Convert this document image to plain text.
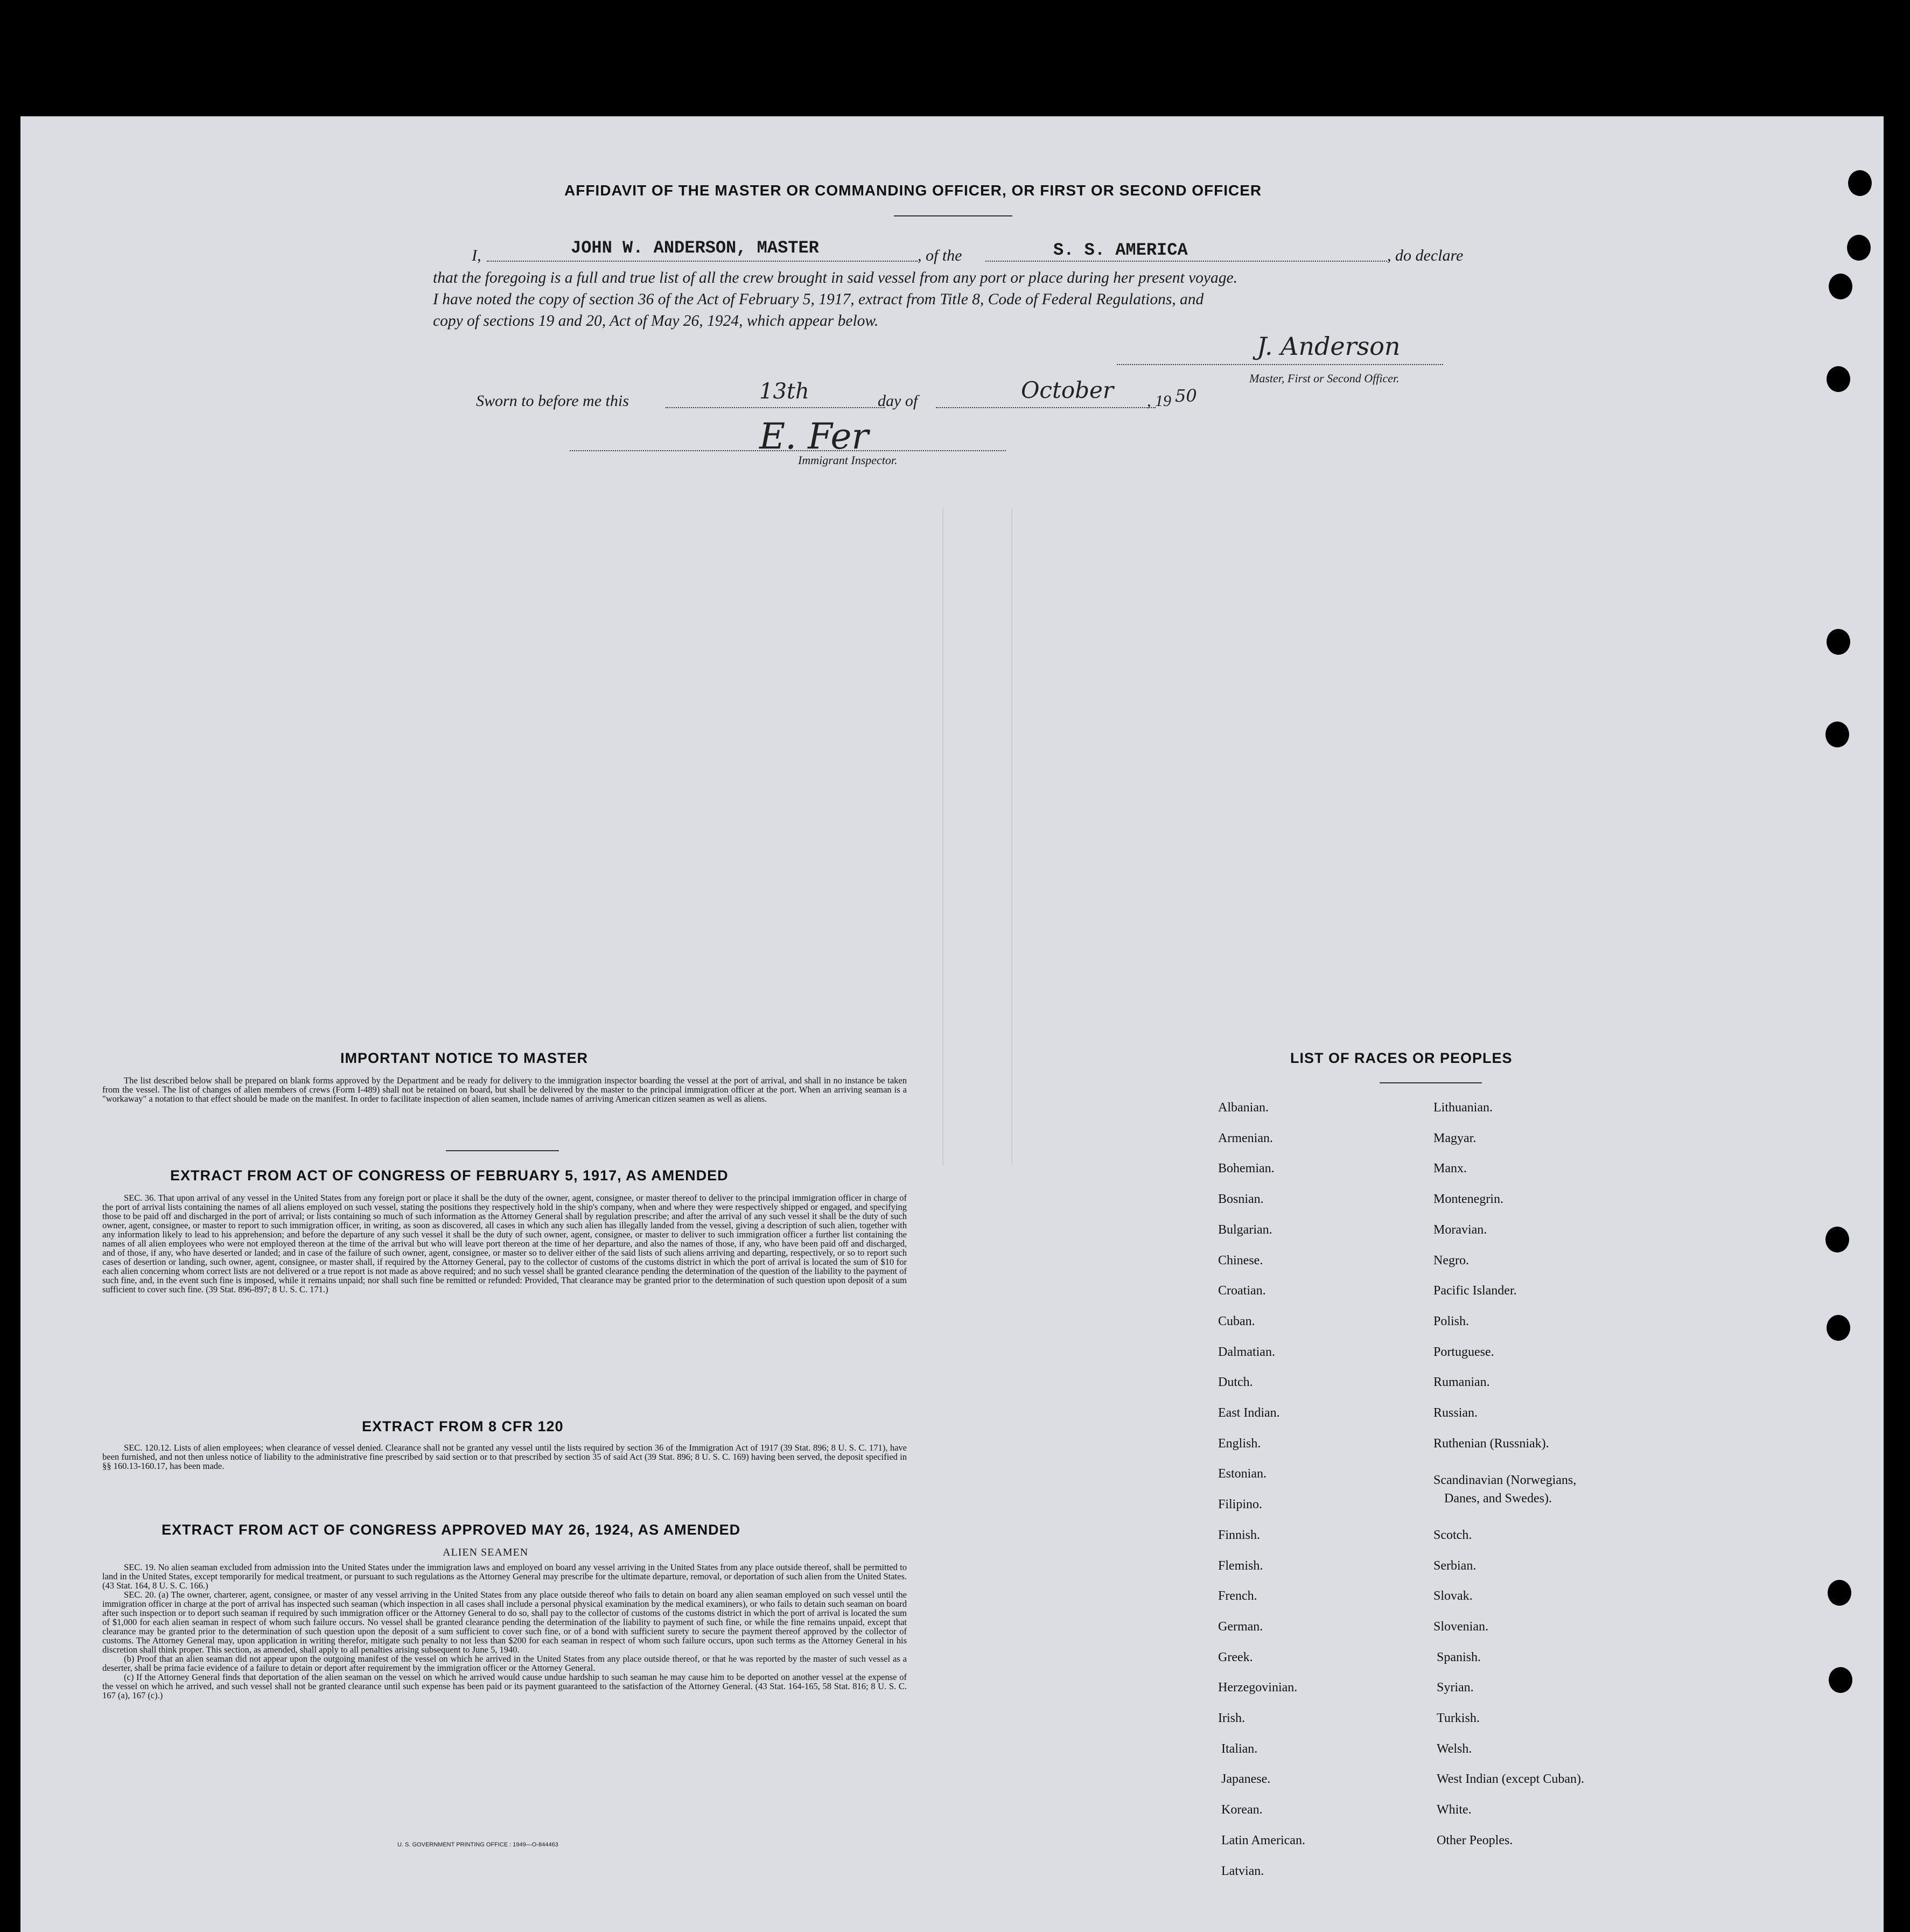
AFFIDAVIT OF THE MASTER OR COMMANDING OFFICER, OR FIRST OR SECOND OFFICER
I,	JOHN W. ANDERSON, MASTER	, of the	S. S. AMERICA	, do declare
that the foregoing is a full and true list of all the crew brought in said vessel from any port or place during her present voyage.
I have noted the copy of section 36 of the Act of February 5, 1917, extract from Title 8, Code of Federal Regulations, and
copy of sections 19 and 20, Act of May 26, 1924, which appear below.
J. Anderson
Master, First or Second Officer.
Sworn to before me this	13th	day of	October , 19 50
E. Fer
Immigrant Inspector.
IMPORTANT NOTICE TO MASTER

The list described below shall be prepared on blank forms approved by the Department and be ready for delivery to the immigration inspector boarding the vessel at the port of arrival, and shall in no instance be taken from the vessel. The list of changes of alien members of crews (Form I-489) shall not be retained on board, but shall be delivered by the master to the principal immigration officer at the port. When an arriving seaman is a "workaway" a notation to that effect should be made on the manifest. In order to facilitate inspection of alien seamen, include names of arriving American citizen seamen as well as aliens.

EXTRACT FROM ACT OF CONGRESS OF FEBRUARY 5, 1917, AS AMENDED

SEC. 36. That upon arrival of any vessel in the United States from any foreign port or place it shall be the duty of the owner, agent, consignee, or master thereof to deliver to the principal immigration officer in charge of the port of arrival lists containing the names of all aliens employed on such vessel, stating the positions they respectively hold in the ship's company, when and where they were respectively shipped or engaged, and specifying those to be paid off and discharged in the port of arrival; or lists containing so much of such information as the Attorney General shall by regulation prescribe; and after the arrival of any such vessel it shall be the duty of such owner, agent, consignee, or master to report to such immigration officer, in writing, as soon as discovered, all cases in which any such alien has illegally landed from the vessel, giving a description of such alien, together with any information likely to lead to his apprehension; and before the departure of any such vessel it shall be the duty of such owner, agent, consignee, or master to deliver to such immigration officer a further list containing the names of all alien employees who were not employed thereon at the time of the arrival but who will leave port thereon at the time of her departure, and also the names of those, if any, who have been paid off and discharged, and of those, if any, who have deserted or landed; and in case of the failure of such owner, agent, consignee, or master so to deliver either of the said lists of such aliens arriving and departing, respectively, or so to report such cases of desertion or landing, such owner, agent, consignee, or master shall, if required by the Attorney General, pay to the collector of customs of the customs district in which the port of arrival is located the sum of $10 for each alien concerning whom correct lists are not delivered or a true report is not made as above required; and no such vessel shall be granted clearance pending the determination of the question of the liability to the payment of such fine, and, in the event such fine is imposed, while it remains unpaid; nor shall such fine be remitted or refunded: Provided, That clearance may be granted prior to the determination of such question upon deposit of a sum sufficient to cover such fine. (39 Stat. 896-897; 8 U. S. C. 171.)

EXTRACT FROM 8 CFR 120

SEC. 120.12. Lists of alien employees; when clearance of vessel denied. Clearance shall not be granted any vessel until the lists required by section 36 of the Immigration Act of 1917 (39 Stat. 896; 8 U. S. C. 171), have been furnished, and not then unless notice of liability to the administrative fine prescribed by said section or to that prescribed by section 35 of said Act (39 Stat. 896; 8 U. S. C. 169) having been served, the deposit specified in §§ 160.13-160.17, has been made.

EXTRACT FROM ACT OF CONGRESS APPROVED MAY 26, 1924, AS AMENDED
ALIEN SEAMEN

SEC. 19. No alien seaman excluded from admission into the United States under the immigration laws and employed on board any vessel arriving in the United States from any place outside thereof, shall be permitted to land in the United States, except temporarily for medical treatment, or pursuant to such regulations as the Attorney General may prescribe for the ultimate departure, removal, or deportation of such alien from the United States. (43 Stat. 164, 8 U. S. C. 166.)

SEC. 20. (a) The owner, charterer, agent, consignee, or master of any vessel arriving in the United States from any place outside thereof who fails to detain on board any alien seaman employed on such vessel until the immigration officer in charge at the port of arrival has inspected such seaman (which inspection in all cases shall include a personal physical examination by the medical examiners), or who fails to detain such seaman on board after such inspection or to deport such seaman if required by such immigration officer or the Attorney General to do so, shall pay to the collector of customs of the customs district in which the port of arrival is located the sum of $1,000 for each alien seaman in respect of whom such failure occurs. No vessel shall be granted clearance pending the determination of the liability to payment of such fine, or while the fine remains unpaid, except that clearance may be granted prior to the determination of such question upon the deposit of a sum sufficient to cover such fine, or of a bond with sufficient surety to secure the payment thereof approved by the collector of customs. The Attorney General may, upon application in writing therefor, mitigate such penalty to not less than $200 for each seaman in respect of whom such failure occurs, upon such terms as the Attorney General in his discretion shall think proper. This section, as amended, shall apply to all penalties arising subsequent to June 5, 1940.

(b) Proof that an alien seaman did not appear upon the outgoing manifest of the vessel on which he arrived in the United States from any place outside thereof, or that he was reported by the master of such vessel as a deserter, shall be prima facie evidence of a failure to detain or deport after requirement by the immigration officer or the Attorney General.

(c) If the Attorney General finds that deportation of the alien seaman on the vessel on which he arrived would cause undue hardship to such seaman he may cause him to be deported on another vessel at the expense of the vessel on which he arrived, and such vessel shall not be granted clearance until such expense has been paid or its payment guaranteed to the satisfaction of the Attorney General. (43 Stat. 164-165, 58 Stat. 816; 8 U. S. C. 167 (a), 167 (c).)

U. S. GOVERNMENT PRINTING OFFICE : 1949—O-844463
LIST OF RACES OR PEOPLES
Albanian.
Armenian.
Bohemian.
Bosnian.
Bulgarian.
Chinese.
Croatian.
Cuban.
Dalmatian.
Dutch.
East Indian.
English.
Estonian.
Filipino.
Finnish.
Flemish.
French.
German.
Greek.
Herzegovinian.
Irish.
Italian.
Japanese.
Korean.
Latin American.
Latvian.
Lithuanian.
Magyar.
Manx.
Montenegrin.
Moravian.
Negro.
Pacific Islander.
Polish.
Portuguese.
Rumanian.
Russian.
Ruthenian (Russniak).
Scandinavian (Norwegians,
Danes, and Swedes).
Scotch.
Serbian.
Slovak.
Slovenian.
Spanish.
Syrian.
Turkish.
Welsh.
West Indian (except Cuban).
White.
Other Peoples.
